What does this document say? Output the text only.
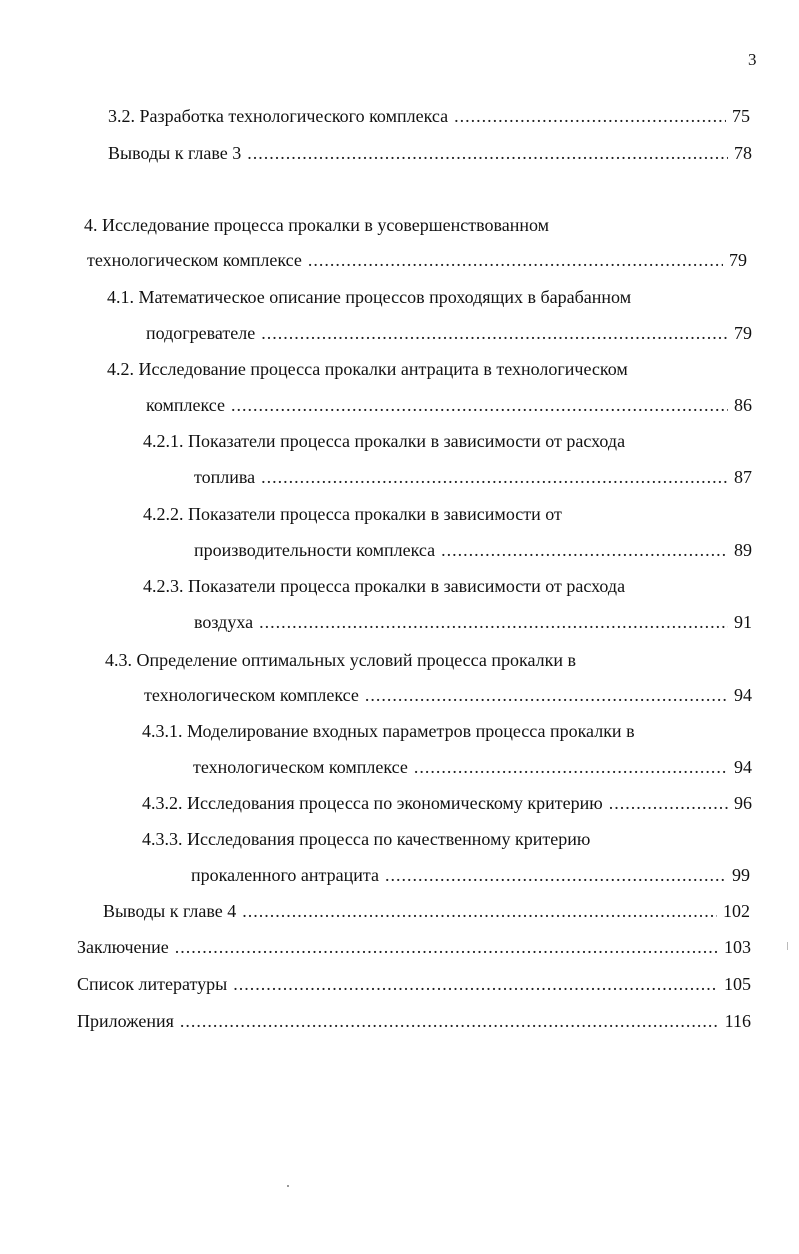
3
3.2. Разработка технологического комплекса .....	75
Выводы к главе 3 .....	78
4. Исследование процесса прокалки в усовершенствованном
технологическом комплексе .....	79
4.1. Математическое описание процессов проходящих в барабанном
подогревателе .....	79
4.2. Исследование процесса прокалки антрацита в технологическом
комплексе .....	86
4.2.1. Показатели процесса прокалки в зависимости от расхода
топлива .....	87
4.2.2. Показатели процесса прокалки в зависимости от
производительности комплекса .....	89
4.2.3. Показатели процесса прокалки в зависимости от расхода
воздуха .....	91
4.3. Определение оптимальных условий процесса прокалки в
технологическом комплексе .....	94
4.3.1. Моделирование входных параметров процесса прокалки в
технологическом комплексе .....	94
4.3.2. Исследования процесса по экономическому критерию .....	96
4.3.3. Исследования процесса по качественному критерию
прокаленного антрацита .....	99
Выводы к главе 4 .....	102
Заключение .....	103
Список литературы .....	105
Приложения .....	116
